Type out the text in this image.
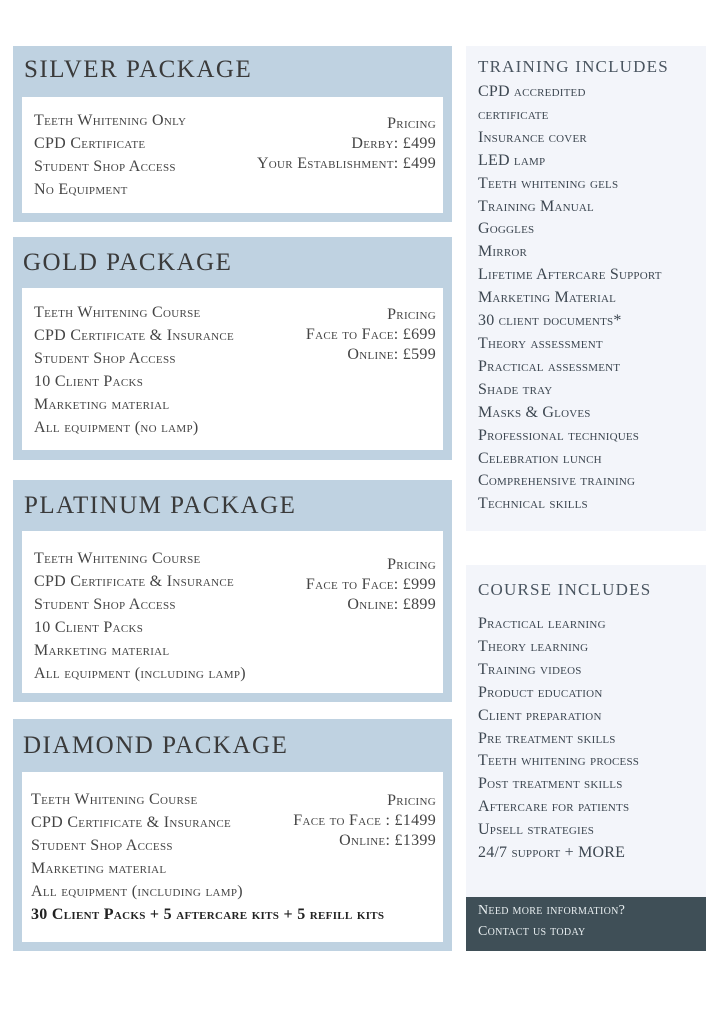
SILVER PACKAGE
Teeth Whitening Only
CPD Certificate
Student Shop Access
No Equipment
Pricing
Derby: £499
Your Establishment: £499
GOLD PACKAGE
Teeth Whitening Course
CPD Certificate & Insurance
Student Shop Access
10 Client Packs
Marketing material
All equipment (no lamp)
Pricing
Face to Face: £699
Online: £599
PLATINUM PACKAGE
Teeth Whitening Course
CPD Certificate & Insurance
Student Shop Access
10 Client Packs
Marketing material
All equipment (including lamp)
Pricing
Face to Face: £999
Online: £899
DIAMOND PACKAGE
Teeth Whitening Course
CPD Certificate & Insurance
Student Shop Access
Marketing material
All equipment (including lamp)
30 Client Packs + 5 aftercare kits + 5 refill kits
Pricing
Face to Face : £1499
Online: £1399
TRAINING INCLUDES
CPD accredited
certificate
Insurance cover
LED lamp
Teeth whitening gels
Training Manual
Goggles
Mirror
Lifetime Aftercare Support
Marketing Material
30 client documents*
Theory assessment
Practical assessment
Shade tray
Masks & Gloves
Professional techniques
Celebration lunch
Comprehensive training
Technical skills
COURSE INCLUDES
Practical learning
Theory learning
Training videos
Product education
Client preparation
Pre treatment skills
Teeth whitening process
Post treatment skills
Aftercare for patients
Upsell strategies
24/7 support + MORE
Need more information?
Contact us today
